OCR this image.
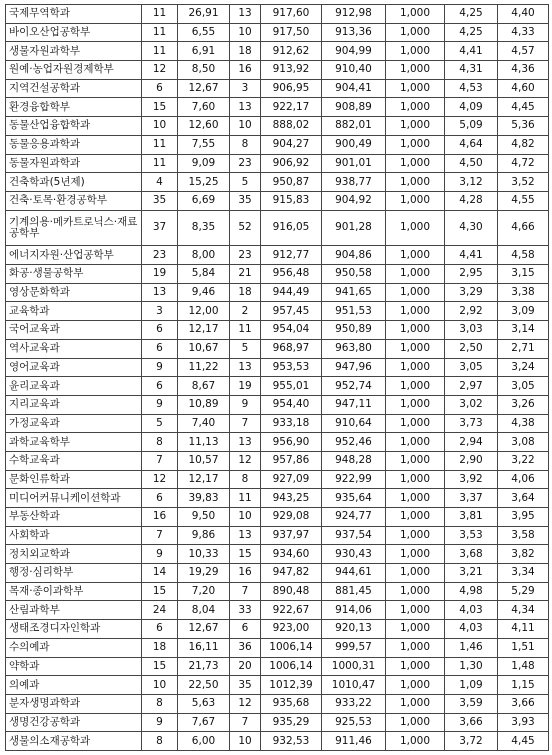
국제무역학과	11	26,91	13	917,60	912,98	1,000	4,25	4,40
바이오산업공학부	11	6,55	10	917,50	913,36	1,000	4,25	4,33
생물자원과학부	11	6,91	18	912,62	904,99	1,000	4,41	4,57
원예·농업자원경제학부	12	8,50	16	913,92	910,40	1,000	4,31	4,36
지역건설공학과	6	12,67	3	906,95	904,41	1,000	4,53	4,60
환경융합학부	15	7,60	13	922,17	908,89	1,000	4,09	4,45
동물산업융합학과	10	12,60	10	888,02	882,01	1,000	5,09	5,36
동물응용과학과	11	7,55	8	904,27	900,49	1,000	4,64	4,82
동물자원과학과	11	9,09	23	906,92	901,01	1,000	4,50	4,72
건축학과(5년제)	4	15,25	5	950,87	938,77	1,000	3,12	3,52
건축·토목·환경공학부	35	6,69	35	915,83	904,92	1,000	4,28	4,55
기계의용·메카트로닉스·재료공학부	37	8,35	52	916,05	901,28	1,000	4,30	4,66
에너지자원·산업공학부	23	8,00	23	912,77	904,86	1,000	4,41	4,58
화공·생물공학부	19	5,84	21	956,48	950,58	1,000	2,95	3,15
영상문화학과	13	9,46	18	944,49	941,65	1,000	3,29	3,38
교육학과	3	12,00	2	957,45	951,53	1,000	2,92	3,09
국어교육과	6	12,17	11	954,04	950,89	1,000	3,03	3,14
역사교육과	6	10,67	5	968,97	963,80	1,000	2,50	2,71
영어교육과	9	11,22	13	953,53	947,96	1,000	3,05	3,24
윤리교육과	6	8,67	19	955,01	952,74	1,000	2,97	3,05
지리교육과	9	10,89	9	954,40	947,11	1,000	3,02	3,26
가정교육과	5	7,40	7	933,18	910,64	1,000	3,73	4,38
과학교육학부	8	11,13	13	956,90	952,46	1,000	2,94	3,08
수학교육과	7	10,57	12	957,86	948,28	1,000	2,90	3,22
문화인류학과	12	12,17	8	927,09	922,99	1,000	3,92	4,06
미디어커뮤니케이션학과	6	39,83	11	943,25	935,64	1,000	3,37	3,64
부동산학과	16	9,50	10	929,08	924,77	1,000	3,81	3,95
사회학과	7	9,86	13	937,97	937,54	1,000	3,53	3,58
정치외교학과	9	10,33	15	934,60	930,43	1,000	3,68	3,82
행정·심리학부	14	19,29	16	947,82	944,61	1,000	3,21	3,34
목재·종이과학부	15	7,20	7	890,48	881,45	1,000	4,98	5,29
산림과학부	24	8,04	33	922,67	914,06	1,000	4,03	4,34
생태조경디자인학과	6	12,67	6	923,00	920,13	1,000	4,03	4,11
수의예과	18	16,11	36	1006,14	999,57	1,000	1,46	1,51
약학과	15	21,73	20	1006,14	1000,31	1,000	1,30	1,48
의예과	10	22,50	35	1012,39	1010,47	1,000	1,09	1,15
분자생명과학과	8	5,63	12	935,68	933,22	1,000	3,59	3,66
생명건강공학과	9	7,67	7	935,29	925,53	1,000	3,66	3,93
생물의소재공학과	8	6,00	10	932,53	911,46	1,000	3,72	4,45
